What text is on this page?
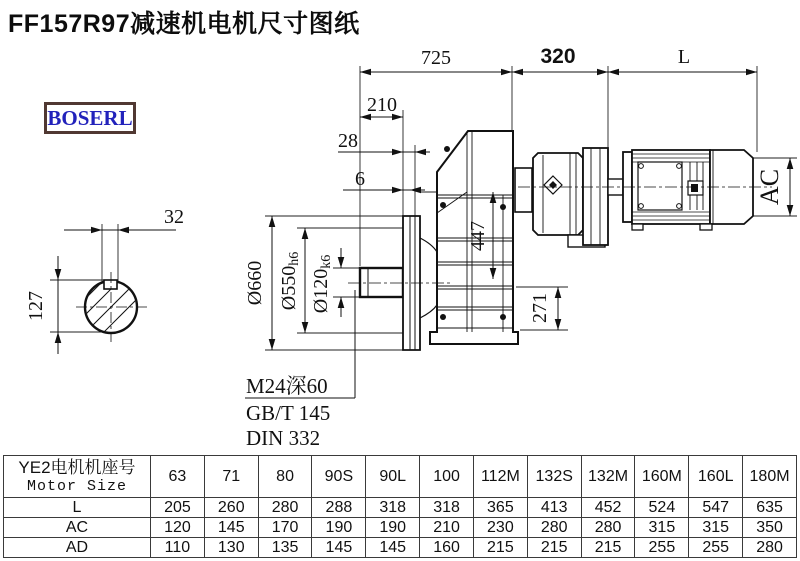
FF157R97减速机电机尺寸图纸
BOSERL
725	320	L
210
28
6
Ø660 Ø550h6
Ø120k6
447
271
AC
32
127
M24深60
GB/T 145
DIN 332
YE2电机机座号
Motor Size	63	71	80	90S	90L	100	112M	132S	132M	160M	160L	180M
L	205	260	280	288	318	318	365	413	452	524	547	635
AC	120	145	170	190	190	210	230	280	280	315	315	350
AD	110	130	135	145	145	160	215	215	215	255	255	280
